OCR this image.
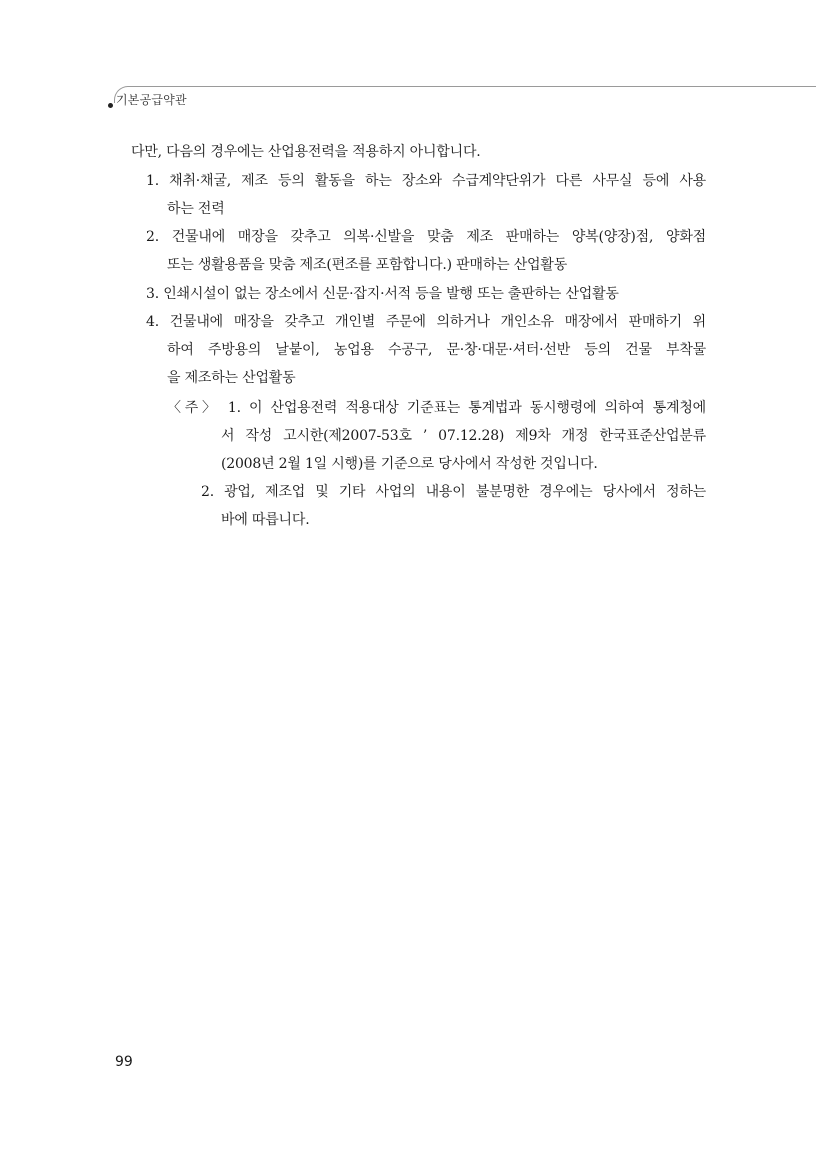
기본공급약관
다만, 다음의 경우에는 산업용전력을 적용하지 아니합니다.
1. 채취·채굴, 제조 등의 활동을 하는 장소와 수급계약단위가 다른 사무실 등에 사용
하는 전력
2. 건물내에 매장을 갖추고 의복·신발을 맞춤 제조 판매하는 양복(양장)점, 양화점
또는 생활용품을 맞춤 제조(편조를 포함합니다.) 판매하는 산업활동
3. 인쇄시설이 없는 장소에서 신문·잡지·서적 등을 발행 또는 출판하는 산업활동
4. 건물내에 매장을 갖추고 개인별 주문에 의하거나 개인소유 매장에서 판매하기 위
하여 주방용의 날붙이, 농업용 수공구, 문·창·대문·셔터·선반 등의 건물 부착물
을 제조하는 산업활동
〈주〉 1. 이 산업용전력 적용대상 기준표는 통계법과 동시행령에 의하여 통계청에
서 작성 고시한(제2007-53호 ’ 07.12.28) 제9차 개정 한국표준산업분류
(2008년 2월 1일 시행)를 기준으로 당사에서 작성한 것입니다.
2. 광업, 제조업 및 기타 사업의 내용이 불분명한 경우에는 당사에서 정하는
바에 따릅니다.
99
